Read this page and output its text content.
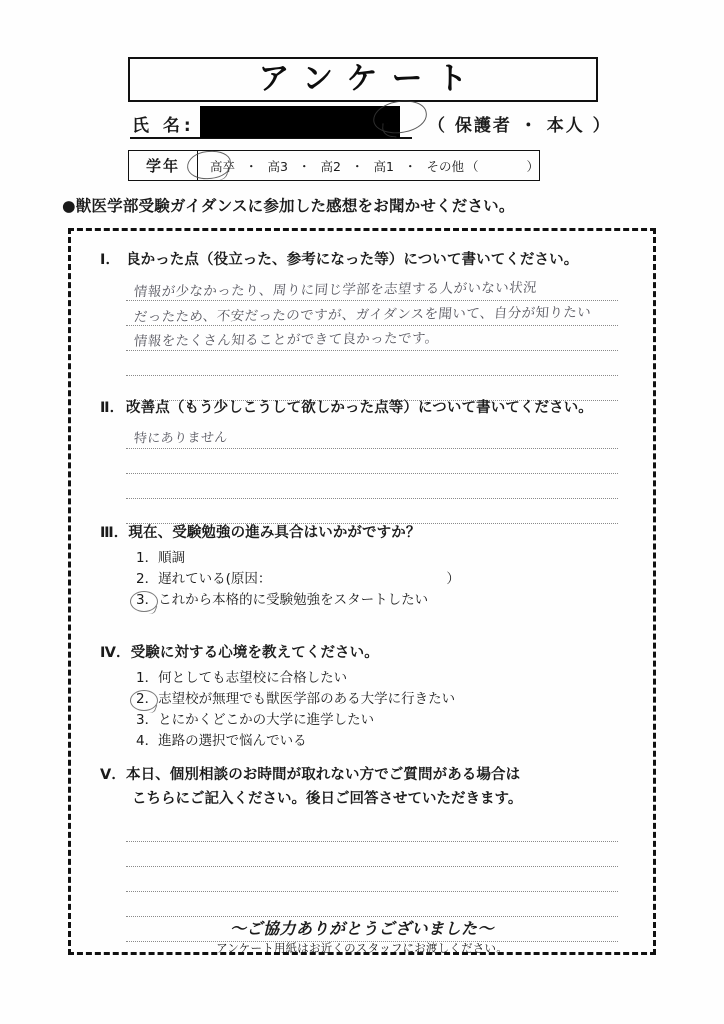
アンケート
氏 名:	（ 保護者 ・ 本人 ）
学年	高卒 ・ 高3 ・ 高2 ・ 高1 ・ その他 （ ）
●獣医学部受験ガイダンスに参加した感想をお聞かせください。
Ⅰ． 良かった点（役立った、参考になった等）について書いてください。
情報が少なかったり、周りに同じ学部を志望する人がいない状況
だったため、不安だったのですが、ガイダンスを聞いて、自分が知りたい
情報をたくさん知ることができて良かったです。
Ⅱ． 改善点（もう少しこうして欲しかった点等）について書いてください。
特にありません
Ⅲ．現在、受験勉強の進み具合はいかがですか？
1．順調
2．遅れている(原因：	）
3．これから本格的に受験勉強をスタートしたい
Ⅳ．受験に対する心境を教えてください。
1．何としても志望校に合格したい
2．志望校が無理でも獣医学部のある大学に行きたい
3．とにかくどこかの大学に進学したい
4．進路の選択で悩んでいる
Ⅴ．本日、個別相談のお時間が取れない方でご質問がある場合は
こちらにご記入ください。後日ご回答させていただきます。
〜ご協力ありがとうございました〜
アンケート用紙はお近くのスタッフにお渡しください。
